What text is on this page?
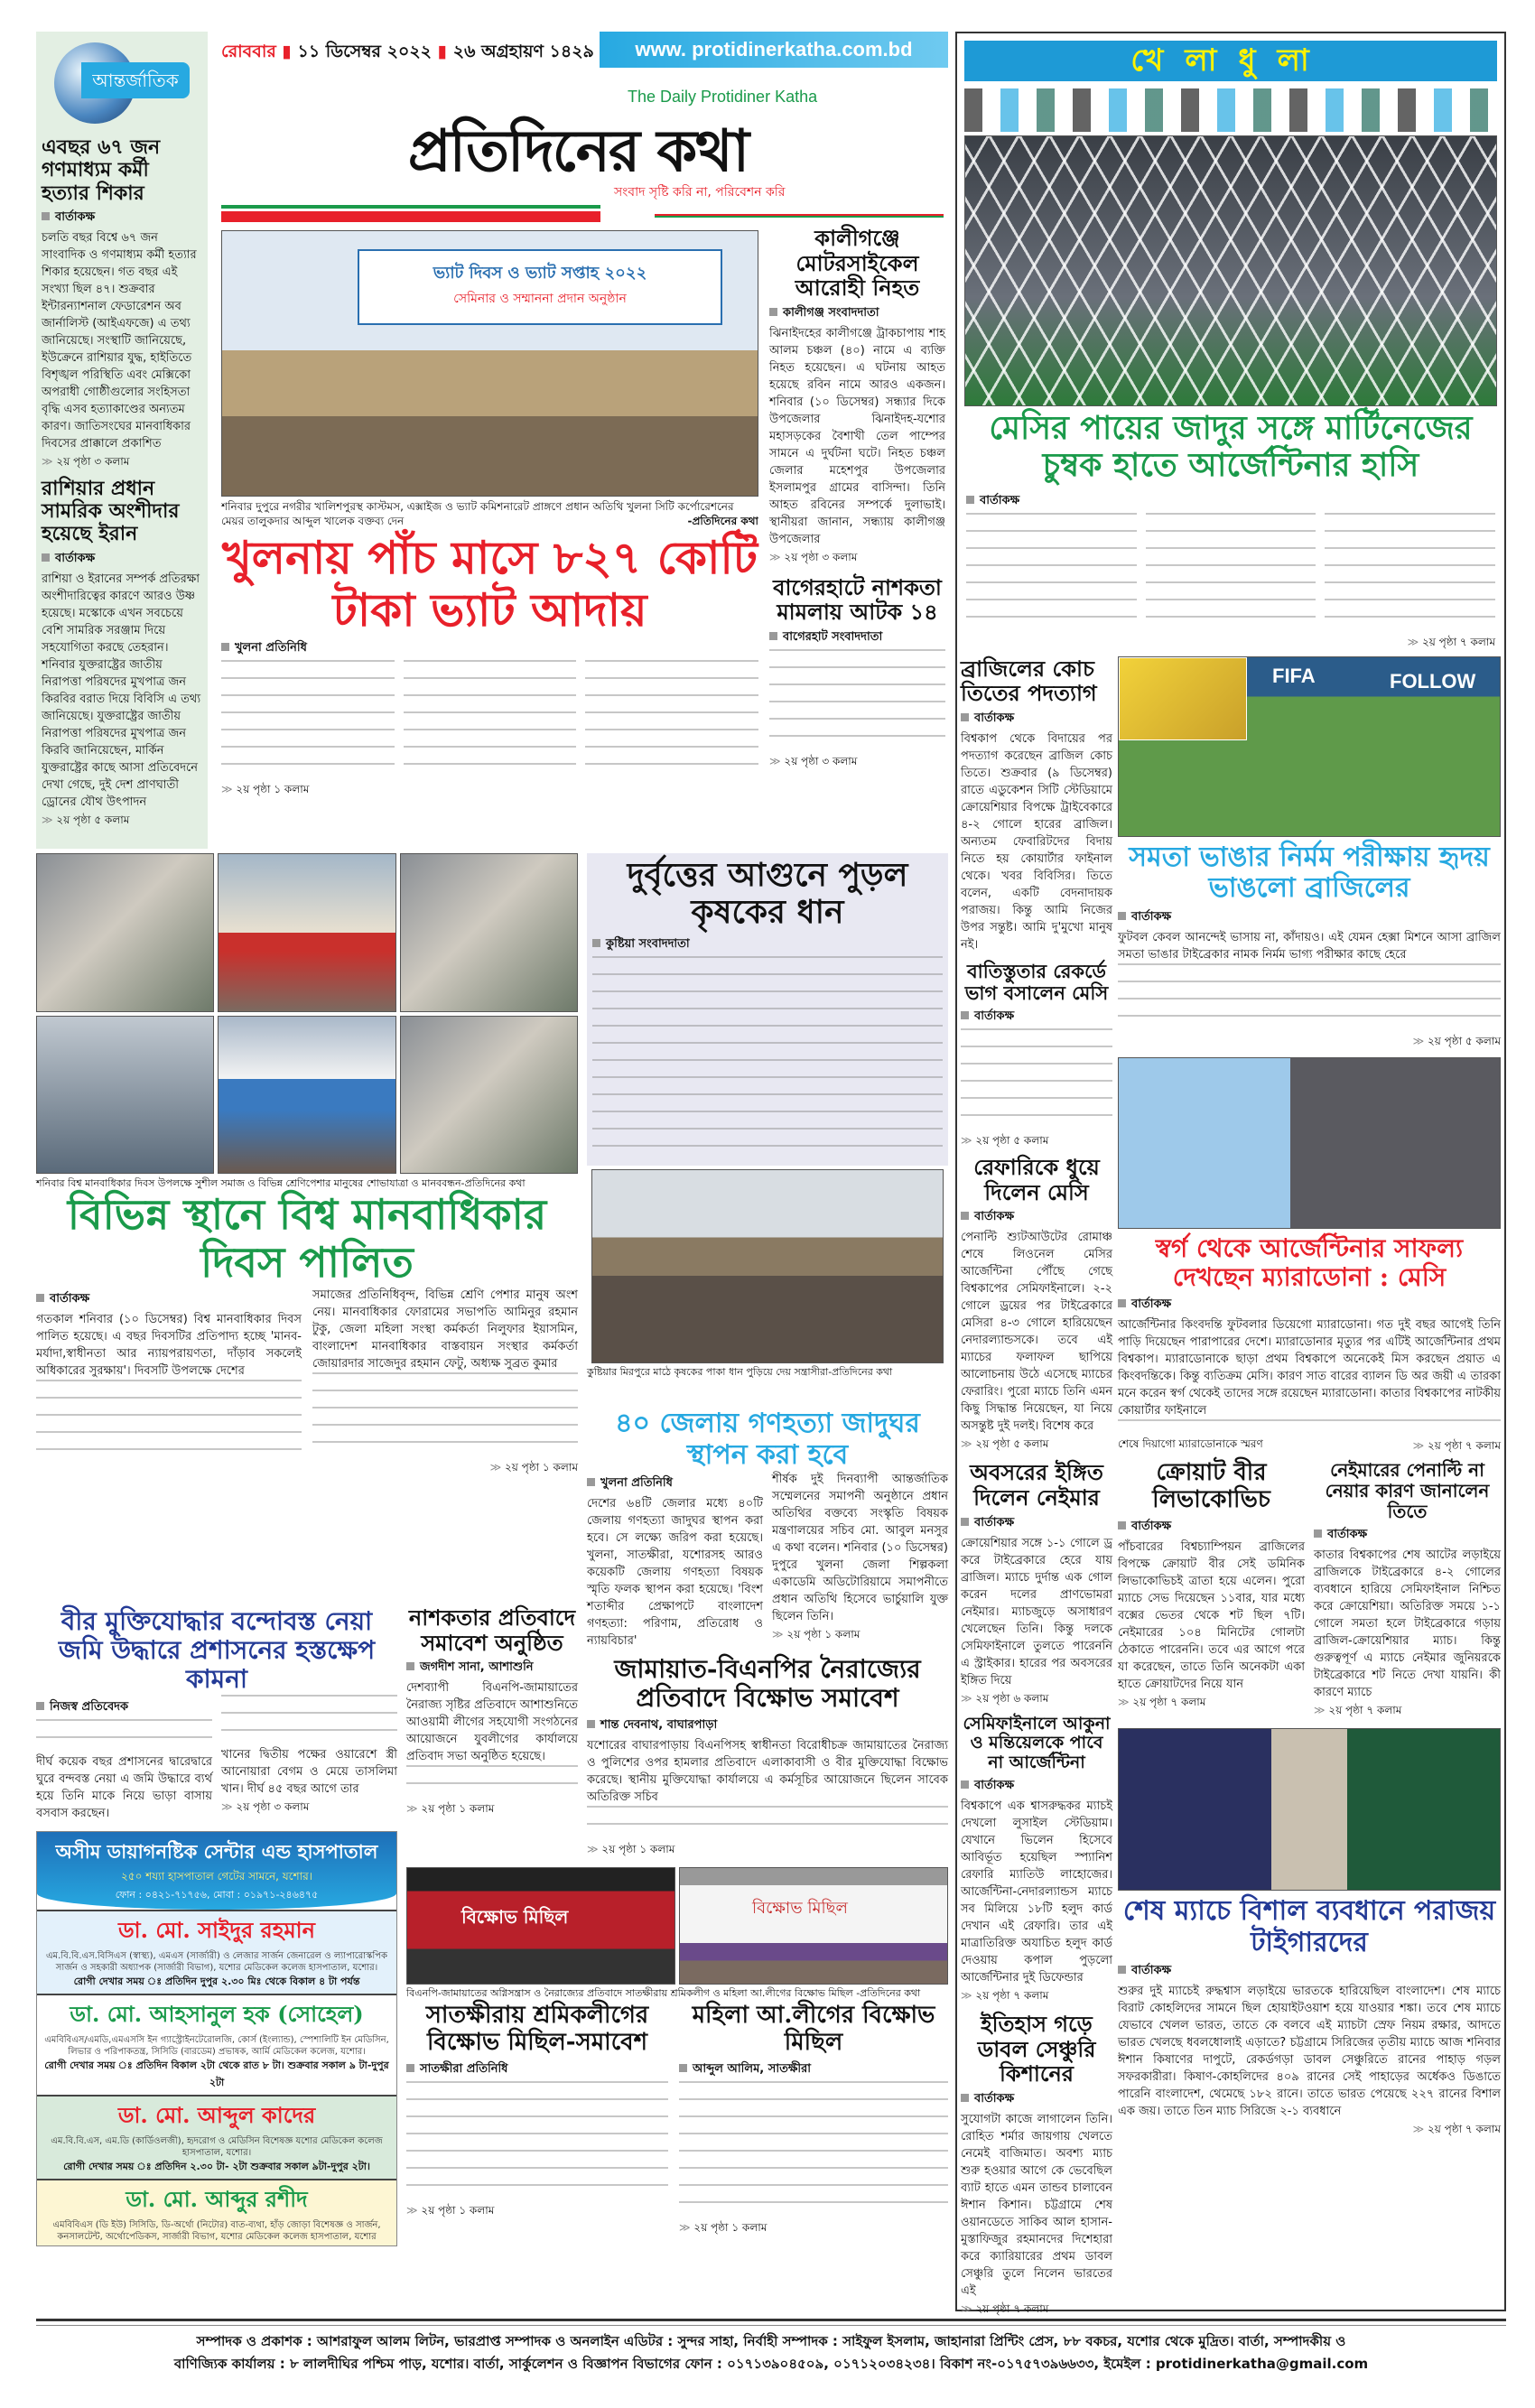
রোববার ▮ ১১ ডিসেম্বর ২০২২ ▮ ২৬ অগ্রহায়ণ ১৪২৯	www. protidinerkatha.com.bd
The Daily Protidiner Katha
প্রতিদিনের কথা
সংবাদ সৃষ্টি করি না, পরিবেশন করি
আন্তর্জাতিক
এবছর ৬৭ জন গণমাধ্যম কর্মী হত্যার শিকার
বার্তাকক্ষ
চলতি বছর বিশ্বে ৬৭ জন সাংবাদিক ও গণমাধ্যম কর্মী হত্যার শিকার হয়েছেন। গত বছর এই সংখ্যা ছিল ৪৭। শুক্রবার ইন্টারন্যাশনাল ফেডারেশন অব জার্নালিস্ট (আইএফজে) এ তথ্য জানিয়েছে। সংস্থাটি জানিয়েছে, ইউক্রেনে রাশিয়ার যুদ্ধ, হাইতিতে বিশৃঙ্খল পরিস্থিতি এবং মেক্সিকো অপরাধী গোষ্ঠীগুলোর সংহিসতা বৃদ্ধি এসব হত্যাকাণ্ডের অন্যতম কারণ। জাতিসংঘের মানবাধিকার দিবসের প্রাক্কালে প্রকাশিত
≫ ২য় পৃষ্ঠা ৩ কলাম
রাশিয়ার প্রধান সামরিক অংশীদার হয়েছে ইরান
বার্তাকক্ষ
রাশিয়া ও ইরানের সম্পর্ক প্রতিরক্ষা অংশীদারিত্বের কারণে আরও উষ্ণ হয়েছে। মস্কোকে এখন সবচেয়ে বেশি সামরিক সরঞ্জাম দিয়ে সহযোগিতা করছে তেহরান। শনিবার যুক্তরাষ্ট্রের জাতীয় নিরাপত্তা পরিষদের মুখপাত্র জন কিরবির বরাত দিয়ে বিবিসি এ তথ্য জানিয়েছে। যুক্তরাষ্ট্রের জাতীয় নিরাপত্তা পরিষদের মুখপাত্র জন কিরবি জানিয়েছেন, মার্কিন যুক্তরাষ্ট্রের কাছে আসা প্রতিবেদনে দেখা গেছে, দুই দেশ প্রাণঘাতী ড্রোনের যৌথ উৎপাদন
≫ ২য় পৃষ্ঠা ৫ কলাম
ভ্যাট দিবস ও ভ্যাট সপ্তাহ ২০২২
সেমিনার ও সম্মাননা প্রদান অনুষ্ঠান
শনিবার দুপুরে নগরীর খালিশপুরস্থ কাস্টমস, এক্সাইজ ও ভ্যাট কমিশনারেট প্রাঙ্গণে প্রধান অতিথি খুলনা সিটি কর্পোরেশনের মেয়র তালুকদার আব্দুল খালেক বক্তব্য দেন	-প্রতিদিনের কথা
খুলনায় পাঁচ মাসে ৮২৭ কোটি টাকা ভ্যাট আদায়
খুলনা প্রতিনিধি
≫ ২য় পৃষ্ঠা ১ কলাম
কালীগঞ্জে মোটরসাইকেল আরোহী নিহত
কালীগঞ্জ সংবাদদাতা
ঝিনাইদহের কালীগঞ্জে ট্রাকচাপায় শাহ আলম চঞ্চল (৪০) নামে এ ব্যক্তি নিহত হয়েছেন। এ ঘটনায় আহত হয়েছে রবিন নামে আরও একজন। শনিবার (১০ ডিসেম্বর) সন্ধ্যার দিকে উপজেলার ঝিনাইদহ-যশোর মহাসড়কের বৈশাখী তেল পাম্পের সামনে এ দুর্ঘটনা ঘটে। নিহত চঞ্চল জেলার মহেশপুর উপজেলার ইসলামপুর গ্রামের বাসিন্দা। তিনি আহত রবিনের সম্পর্কে দুলাভাই। স্থানীয়রা জানান, সন্ধ্যায় কালীগঞ্জ উপজেলার
≫ ২য় পৃষ্ঠা ৩ কলাম
বাগেরহাটে নাশকতা মামলায় আটক ১৪
বাগেরহাট সংবাদদাতা
≫ ২য় পৃষ্ঠা ৩ কলাম
শনিবার বিশ্ব মানবাধিকার দিবস উপলক্ষে সুশীল সমাজ ও বিভিন্ন শ্রেণিপেশার মানুষের শোভাযাত্রা ও মানববন্ধন-প্রতিদিনের কথা
বিভিন্ন স্থানে বিশ্ব মানবাধিকার দিবস পালিত
বার্তাকক্ষ
গতকাল শনিবার (১০ ডিসেম্বর) বিশ্ব মানবাধিকার দিবস পালিত হয়েছে। এ বছর দিবসটির প্রতিপাদ্য হচ্ছে 'মানব-মর্যাদা,স্বাধীনতা আর ন্যায়পরায়ণতা, দাঁড়াব সকলেই অধিকারের সুরক্ষায়'। দিবসটি উপলক্ষে দেশের
সমাজের প্রতিনিধিবৃন্দ, বিভিন্ন শ্রেণি পেশার মানুষ অংশ নেয়। মানবাধিকার ফোরামের সভাপতি আমিনুর রহমান টুকু, জেলা মহিলা সংস্থা কর্মকর্তা নিলুফার ইয়াসমিন, বাংলাদেশ মানবাধিকার বাস্তবায়ন সংস্থার কর্মকর্তা জোয়ারদার সাজেদুর রহমান ফেটু, অধ্যক্ষ সুব্রত কুমার
≫ ২য় পৃষ্ঠা ১ কলাম
দুর্বৃত্তের আগুনে পুড়ল কৃষকের ধান
কুষ্টিয়া সংবাদদাতা
কুষ্টিয়ার মিরপুরে মাঠে কৃষকের পাকা ধান পুড়িয়ে দেয় সন্ত্রাসীরা-প্রতিদিনের কথা
বীর মুক্তিযোদ্ধার বন্দোবস্ত নেয়া জমি উদ্ধারে প্রশাসনের হস্তক্ষেপ কামনা
নিজস্ব প্রতিবেদক
দীর্ঘ কয়েক বছর প্রশাসনের দ্বারেদ্বারে ঘুরে বন্দবস্ত নেয়া এ জমি উদ্ধারে ব্যর্থ হয়ে তিনি মাকে নিয়ে ভাড়া বাসায় বসবাস করছেন।
খানের দ্বিতীয় পক্ষের ওয়ারেশে স্ত্রী আনোয়ারা বেগম ও মেয়ে তাসলিমা খান। দীর্ঘ ৪৫ বছর আগে তার
≫ ২য় পৃষ্ঠা ৩ কলাম
অসীম ডায়াগনষ্টিক সেন্টার এন্ড হাসপাতাল
২৫০ শয্যা হাসপাতাল গেটের সামনে, যশোর।
ফোন : ০৪২১-৭১৭৫৬, মোবা : ০১৯৭১-২৪৬৪৭৫
ডা. মো. সাইদুর রহমান
এম.বি.বি.এস.বিসিএস (স্বাস্থ্য), এমএস (সার্জারী) ও লেজার সার্জন জেনারেল ও ল্যাপারোস্কপিক সার্জন ও সহকারী অধ্যাপক (সার্জারী বিভাগ), যশোর মেডিকেল কলেজ হাসপাতাল, যশোর।
রোগী দেখার সময় ঃ প্রতিদিন দুপুর ২.৩০ মিঃ থেকে বিকাল ৪ টা পর্যন্ত
ডা. মো. আহসানুল হক (সোহেল)
এমবিবিএস/এমডি,এমএসসি ইন গ্যাস্ট্রোইনটেরোলজি, কোর্স (ইংল্যান্ড), স্পেশালিটি ইন মেডিসিন, লিভার ও পরিপাকতন্ত্র, সিসিডি (বারডেম) প্রভাষক, আর্মি মেডিকেল কলেজ, যশোর।
রোগী দেখার সময় ঃ প্রতিদিন বিকাল ২টা থেকে রাত ৮ টা। শুক্রবার সকাল ৯ টা-দুপুর ২টা
ডা. মো. আব্দুল কাদের
এম.বি.বি.এস, এম.ডি (কার্ডিওলজী), হৃদরোগ ও মেডিসিন বিশেষজ্ঞ যশোর মেডিকেল কলেজ হাসপাতাল, যশোর।
রোগী দেখার সময় ঃ প্রতিদিন ২.৩০ টা- ২টা শুক্রবার সকাল ৯টা-দুপুর ২টা।
ডা. মো. আব্দুর রশীদ
এমবিবিএস (ডি ইউ) সিসিডি, ডি-অর্থো (নিটোর) বাত-ব্যথা, হাঁড় জোড়া বিশেষজ্ঞ ও সার্জন, কনসালটেন্ট, অর্থোপেডিকস, সার্জারী বিভাগ, যশোর মেডিকেল কলেজ হাসপাতাল, যশোর
নাশকতার প্রতিবাদে সমাবেশ অনুষ্ঠিত
জগদীশ সানা, আশাশুনি
দেশব্যাপী বিএনপি-জামায়াতের নৈরাজ্য সৃষ্টির প্রতিবাদে আশাশুনিতে আওয়ামী লীগের সহযোগী সংগঠনের আয়োজনে যুবলীগের কার্যালয়ে প্রতিবাদ সভা অনুষ্ঠিত হয়েছে।
≫ ২য় পৃষ্ঠা ১ কলাম
৪০ জেলায় গণহত্যা জাদুঘর স্থাপন করা হবে
খুলনা প্রতিনিধি
দেশের ৬৪টি জেলার মধ্যে ৪০টি জেলায় গণহত্যা জাদুঘর স্থাপন করা হবে। সে লক্ষ্যে জরিপ করা হয়েছে। খুলনা, সাতক্ষীরা, যশোরসহ আরও কয়েকটি জেলায় গণহত্যা বিষয়ক স্মৃতি ফলক স্থাপন করা হয়েছে। 'বিংশ শতাব্দীর প্রেক্ষাপটে বাংলাদেশ গণহত্যা: পরিণাম, প্রতিরোধ ও ন্যায়বিচার'
শীর্ষক দুই দিনব্যাপী আন্তর্জাতিক সম্মেলনের সমাপনী অনুষ্ঠানে প্রধান অতিথির বক্তব্যে সংস্কৃতি বিষয়ক মন্ত্রণালয়ের সচিব মো. আবুল মনসুর এ কথা বলেন। শনিবার (১০ ডিসেম্বর) দুপুরে খুলনা জেলা শিল্পকলা একাডেমি অডিটোরিয়ামে সমাপনীতে প্রধান অতিথি হিসেবে ভার্চুয়ালি যুক্ত ছিলেন তিনি।
≫ ২য় পৃষ্ঠা ১ কলাম
জামায়াত-বিএনপির নৈরাজ্যের প্রতিবাদে বিক্ষোভ সমাবেশ
শান্ত দেবনাথ, বাঘারপাড়া
যশোরের বাঘারপাড়ায় বিএনপিসহ স্বাধীনতা বিরোধীচক্র জামায়াতের নৈরাজ্য ও পুলিশের ওপর হামলার প্রতিবাদে এলাকাবাসী ও বীর মুক্তিযোদ্ধা বিক্ষোভ করেছে। স্থানীয় মুক্তিযোদ্ধা কার্যালয়ে এ কর্মসূচির আয়োজনে ছিলেন সাবেক অতিরিক্ত সচিব
≫ ২য় পৃষ্ঠা ১ কলাম
বিক্ষোভ মিছিল	বিক্ষোভ মিছিল
বিএনপি-জামায়াতের অগ্নিসন্ত্রাস ও নৈরাজ্যের প্রতিবাদে সাতক্ষীরায় শ্রমিকলীগ ও মহিলা আ.লীগের বিক্ষোভ মিছিল -প্রতিদিনের কথা
সাতক্ষীরায় শ্রমিকলীগের বিক্ষোভ মিছিল-সমাবেশ
সাতক্ষীরা প্রতিনিধি
≫ ২য় পৃষ্ঠা ১ কলাম
মহিলা আ.লীগের বিক্ষোভ মিছিল
আব্দুল আলিম, সাতক্ষীরা
≫ ২য় পৃষ্ঠা ১ কলাম
খেলাধুলা
মেসির পায়ের জাদুর সঙ্গে মার্টিনেজের চুম্বক হাতে আর্জেন্টিনার হাসি
বার্তাকক্ষ
≫ ২য় পৃষ্ঠা ৭ কলাম
ব্রাজিলের কোচ তিতের পদত্যাগ
বার্তাকক্ষ
বিশ্বকাপ থেকে বিদায়ের পর পদত্যাগ করেছেন ব্রাজিল কোচ তিতে। শুক্রবার (৯ ডিসেম্বর) রাতে এডুকেশন সিটি স্টেডিয়ামে ক্রোয়েশিয়ার বিপক্ষে ট্রাইবেকারে ৪-২ গোলে হারের ব্রাজিল। অন্যতম ফেবারিটদের বিদায় নিতে হয় কোয়ার্টার ফাইনাল থেকে। খবর বিবিসির। তিতে বলেন, একটি বেদনাদায়ক পরাজয়। কিন্তু আমি নিজের উপর সন্তুষ্ট। আমি দু'মুখো মানুষ নই।
বাতিস্তুতার রেকর্ডে ভাগ বসালেন মেসি
বার্তাকক্ষ
≫ ২য় পৃষ্ঠা ৫ কলাম
রেফারিকে ধুয়ে দিলেন মেসি
বার্তাকক্ষ
পেনাল্টি শ্যুটআউটের রোমাঞ্চ শেষে লিওনেল মেসির আর্জেন্টিনা পৌঁছে গেছে বিশ্বকাপের সেমিফাইনালে। ২-২ গোলে ড্রয়ের পর টাইব্রেকারে মেসিরা ৪-৩ গোলে হারিয়েছেন নেদারল্যান্ডসকে। তবে এই ম্যাচের ফলাফল ছাপিয়ে আলোচনায় উঠে এসেছে ম্যাচের ফেরারিং। পুরো ম্যাচে তিনি এমন কিছু সিদ্ধান্ত নিয়েছেন, যা নিয়ে অসন্তুষ্ট দুই দলই। বিশেষ করে
≫ ২য় পৃষ্ঠা ৫ কলাম
অবসরের ইঙ্গিত দিলেন নেইমার
বার্তাকক্ষ
ক্রোয়েশিয়ার সঙ্গে ১-১ গোলে ড্র করে টাইব্রেকারে হেরে যায় ব্রাজিল। ম্যাচে দুর্দান্ত এক গোল করেন দলের প্রাণভোমরা নেইমার। ম্যাচজুড়ে অসাধারণ খেলেছেন তিনি। কিন্তু দলকে সেমিফাইনালে তুলতে পারেননি এ স্ট্রাইকার। হারের পর অবসরের ইঙ্গিত দিয়ে
≫ ২য় পৃষ্ঠা ৬ কলাম
সেমিফাইনালে আকুনা ও মন্তিয়েলকে পাবে না আর্জেন্টিনা
বার্তাকক্ষ
বিশ্বকাপে এক শ্বাসরুদ্ধকর ম্যাচই দেখলো লুসাইল স্টেডিয়াম। যেখানে ভিলেন হিসেবে আবির্ভূত হয়েছিল স্প্যানিশ রেফারি ম্যাতিউ লাহোজের। আর্জেন্টিনা-নেদারল্যান্ডস ম্যাচে সব মিলিয়ে ১৮টি হলুদ কার্ড দেখান এই রেফারি। তার এই মাত্রাতিরিক্ত অযাচিত হলুদ কার্ড দেওয়ায় কপাল পুড়লো আর্জেন্টিনার দুই ডিফেন্ডার
≫ ২য় পৃষ্ঠা ৭ কলাম
ইতিহাস গড়ে ডাবল সেঞ্চুরি কিশানের
বার্তাকক্ষ
সুযোগটা কাজে লাগালেন তিনি। রোহিত শর্মার জায়গায় খেলতে নেমেই বাজিমাত। অবশ্য ম্যাচ শুরু হওয়ার আগে কে ভেবেছিল ব্যাট হাতে এমন তান্ডব চালাবেন ঈশান কিশান। চট্টগ্রামে শেষ ওয়ানডেতে সাকিব আল হাসান-মুস্তাফিজুর রহমানদের দিশেহারা করে ক্যারিয়ারের প্রথম ডাবল সেঞ্চুরি তুলে নিলেন ভারতের এই
≫ ২য় পৃষ্ঠা ৭ কলাম
FIFA	FOLLOW
সমতা ভাঙার নির্মম পরীক্ষায় হৃদয় ভাঙলো ব্রাজিলের
বার্তাকক্ষ
ফুটবল কেবল আনন্দেই ভাসায় না, কাঁদায়ও। এই যেমন হেক্সা মিশনে আসা ব্রাজিল সমতা ভাঙার টাইব্রেকার নামক নির্মম ভাগ্য পরীক্ষার কাছে হেরে
≫ ২য় পৃষ্ঠা ৫ কলাম
স্বর্গ থেকে আর্জেন্টিনার সাফল্য দেখছেন ম্যারাডোনা : মেসি
বার্তাকক্ষ
আর্জেন্টিনার কিংবদন্তি ফুটবলার ডিয়েগো ম্যারাডোনা। গত দুই বছর আগেই তিনি পাড়ি দিয়েছেন পারাপারের দেশে। ম্যারাডোনার মৃত্যুর পর এটিই আর্জেন্টিনার প্রথম বিশ্বকাপ। ম্যারাডোনাকে ছাড়া প্রথম বিশ্বকাপে অনেকেই মিস করছেন প্রয়াত এ কিংবদন্তিকে। কিন্তু ব্যতিক্রম মেসি। কারণ সাত বারের ব্যালন ডি অর জয়ী এ তারকা মনে করেন স্বর্গ থেকেই তাদের সঙ্গে রয়েছেন ম্যারাডোনা। কাতার বিশ্বকাপের নাটকীয় কোয়ার্টার ফাইনালে
শেষে দিয়াগো ম্যারাডোনাকে স্মরণ	≫ ২য় পৃষ্ঠা ৭ কলাম
ক্রোয়াট বীর লিভাকোভিচ
বার্তাকক্ষ
পাঁচবারের বিশ্বচ্যাম্পিয়ন ব্রাজিলের বিপক্ষে ক্রোয়াট বীর সেই ডমিনিক লিভাকোভিচই ত্রাতা হয়ে এলেন। পুরো ম্যাচে সেভ দিয়েছেন ১১বার, যার মধ্যে বক্সের ভেতর থেকে শট ছিল ৭টি। নেইমারের ১০৪ মিনিটের গোলটা ঠেকাতে পারেননি। তবে এর আগে পরে যা করেছেন, তাতে তিনি অনেকটা একা হাতে ক্রোয়াটদের নিয়ে যান
≫ ২য় পৃষ্ঠা ৭ কলাম
নেইমারের পেনাল্টি না নেয়ার কারণ জানালেন তিতে
বার্তাকক্ষ
কাতার বিশ্বকাপের শেষ আটের লড়াইয়ে ব্রাজিলকে টাইব্রেকারে ৪-২ গোলের ব্যবধানে হারিয়ে সেমিফাইনাল নিশ্চিত করে ক্রোয়েশিয়া। অতিরিক্ত সময়ে ১-১ গোলে সমতা হলে টাইব্রেকারে গড়ায় ব্রাজিল-ক্রোয়েশিয়ার ম্যাচ। কিন্তু গুরুত্বপূর্ণ এ ম্যাচে নেইমার জুনিয়রকে টাইব্রেকারে শট নিতে দেখা যায়নি। কী কারণে ম্যাচে
≫ ২য় পৃষ্ঠা ৭ কলাম
শেষ ম্যাচে বিশাল ব্যবধানে পরাজয় টাইগারদের
বার্তাকক্ষ
শুরুর দুই ম্যাচেই রুদ্ধশ্বাস লড়াইয়ে ভারতকে হারিয়েছিল বাংলাদেশ। শেষ ম্যাচে বিরাট কোহলিদের সামনে ছিল হোয়াইটওয়াশ হয়ে যাওয়ার শঙ্কা। তবে শেষ ম্যাচে যেভাবে খেলল ভারত, তাতে কে বলবে এই ম্যাচটা স্রেফ নিয়ম রক্ষার, আদতে ভারত খেলছে ধবলধোলাই এড়াতে? চট্টগ্রামে সিরিজের তৃতীয় ম্যাচে আজ শনিবার ঈশান কিষাণের দাপুটে, রেকর্ডগড়া ডাবল সেঞ্চুরিতে রানের পাহাড় গড়ল সফরকারীরা। কিষাণ-কোহলিদের ৪০৯ রানের সেই পাহাড়ের অর্ধেকও ডিঙাতে পারেনি বাংলাদেশ, থেমেছে ১৮২ রানে। তাতে ভারত পেয়েছে ২২৭ রানের বিশাল এক জয়। তাতে তিন ম্যাচ সিরিজে ২-১ ব্যবধানে
≫ ২য় পৃষ্ঠা ৭ কলাম
সম্পাদক ও প্রকাশক : আশরাফুল আলম লিটন, ভারপ্রাপ্ত সম্পাদক ও অনলাইন এডিটর : সুন্দর সাহা, নির্বাহী সম্পাদক : সাইফুল ইসলাম, জাহানারা প্রিন্টিং প্রেস, ৮৮ বকচর, যশোর থেকে মুদ্রিত। বার্তা, সম্পাদকীয় ও
বাণিজ্যিক কার্যালয় : ৮ লালদীঘির পশ্চিম পাড়, যশোর। বার্তা, সার্কুলেশন ও বিজ্ঞাপন বিভাগের ফোন : ০১৭১৩৯০৪৫০৯, ০১৭১২০৩৪২৩৪। বিকাশ নং-০১৭৫৭৩৯৬৬৩৩, ইমেইল : protidinerkatha@gmail.com
